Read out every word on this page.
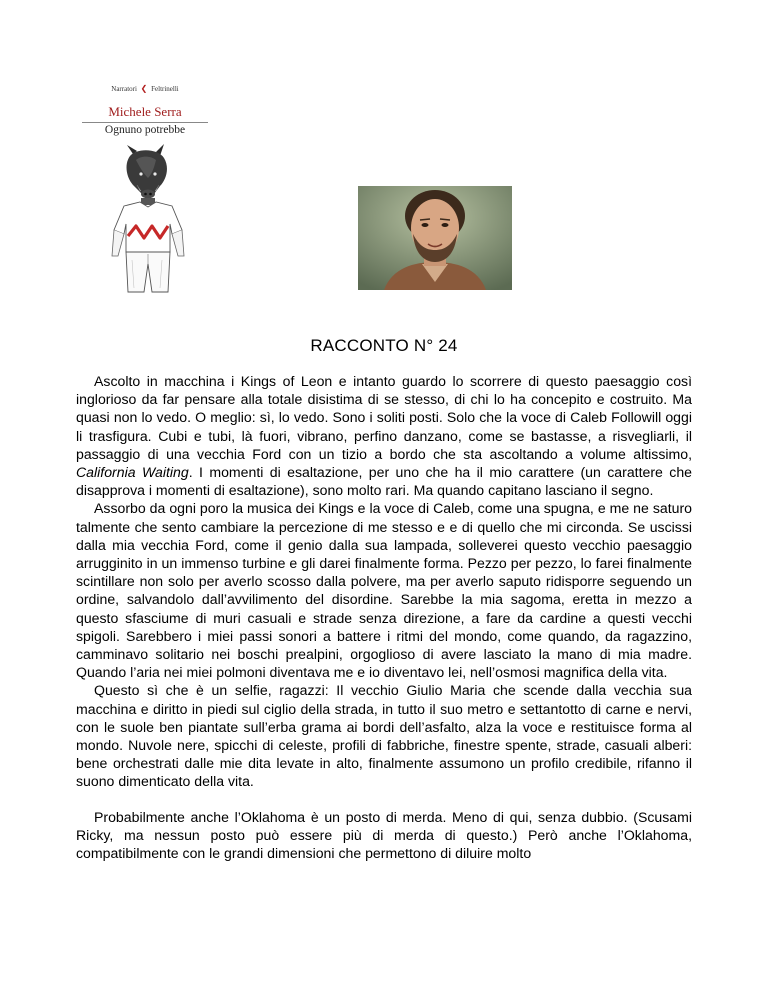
Narratori ❮ Feltrinelli
Michele Serra
Ognuno potrebbe
RACCONTO N° 24

Ascolto in macchina i Kings of Leon e intanto guardo lo scorrere di questo paesaggio così inglorioso da far pensare alla totale disistima di se stesso, di chi lo ha concepito e costruito. Ma quasi non lo vedo. O meglio: sì, lo vedo. Sono i soliti posti. Solo che la voce di Caleb Followill oggi li trasfigura. Cubi e tubi, là fuori, vibrano, perfino danzano, come se bastasse, a risvegliarli, il passaggio di una vecchia Ford con un tizio a bordo che sta ascoltando a volume altissimo, California Waiting. I momenti di esaltazione, per uno che ha il mio carattere (un carattere che disapprova i momenti di esaltazione), sono molto rari. Ma quando capitano lasciano il segno.

Assorbo da ogni poro la musica dei Kings e la voce di Caleb, come una spugna, e me ne saturo talmente che sento cambiare la percezione di me stesso e e di quello che mi circonda. Se uscissi dalla mia vecchia Ford, come il genio dalla sua lampada, solleverei questo vecchio paesaggio arrugginito in un immenso turbine e gli darei finalmente forma. Pezzo per pezzo, lo farei finalmente scintillare non solo per averlo scosso dalla polvere, ma per averlo saputo ridisporre seguendo un ordine, salvandolo dall’avvilimento del disordine. Sarebbe la mia sagoma, eretta in mezzo a questo sfasciume di muri casuali e strade senza direzione, a fare da cardine a questi vecchi spigoli. Sarebbero i miei passi sonori a battere i ritmi del mondo, come quando, da ragazzino, camminavo solitario nei boschi prealpini, orgoglioso di avere lasciato la mano di mia madre. Quando l’aria nei miei polmoni diventava me e io diventavo lei, nell’osmosi magnifica della vita.

Questo sì che è un selfie, ragazzi: Il vecchio Giulio Maria che scende dalla vecchia sua macchina e diritto in piedi sul ciglio della strada, in tutto il suo metro e settantotto di carne e nervi, con le suole ben piantate sull’erba grama ai bordi dell’asfalto, alza la voce e restituisce forma al mondo. Nuvole nere, spicchi di celeste, profili di fabbriche, finestre spente, strade, casuali alberi: bene orchestrati dalle mie dita levate in alto, finalmente assumono un profilo credibile, rifanno il suono dimenticato della vita.

Probabilmente anche l’Oklahoma è un posto di merda. Meno di qui, senza dubbio. (Scusami Ricky, ma nessun posto può essere più di merda di questo.) Però anche l’Oklahoma, compatibilmente con le grandi dimensioni che permettono di diluire molto
